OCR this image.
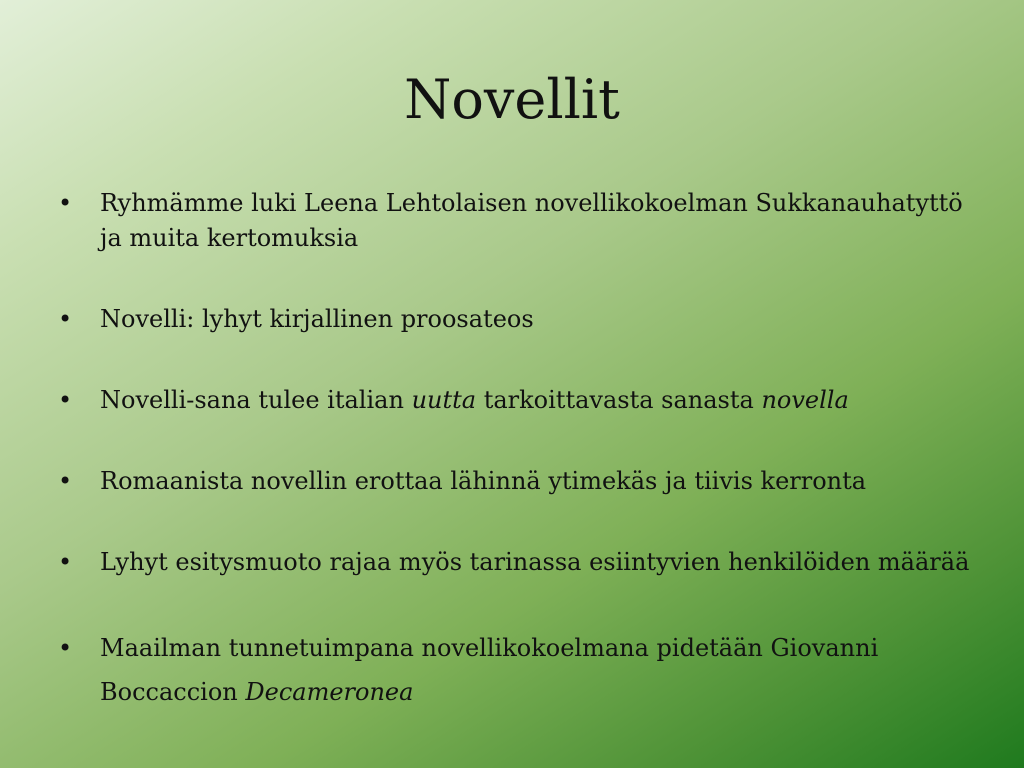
Novellit
• Ryhmämme luki Leena Lehtolaisen novellikokoelman Sukkanauhatyttö ja muita kertomuksia
• Novelli: lyhyt kirjallinen proosateos
• Novelli-sana tulee italian uutta tarkoittavasta sanasta novella
• Romaanista novellin erottaa lähinnä ytimekäs ja tiivis kerronta
• Lyhyt esitysmuoto rajaa myös tarinassa esiintyvien henkilöiden määrää
• Maailman tunnetuimpana novellikokoelmana pidetään Giovanni Boccaccion Decameronea
